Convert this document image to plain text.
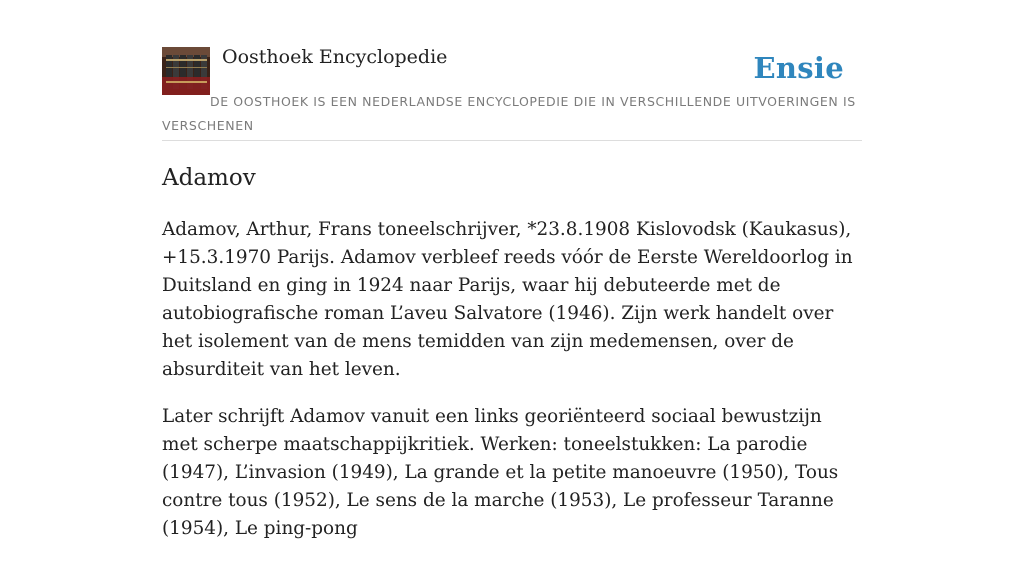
Oosthoek Encyclopedie	Ensie
DE OOSTHOEK IS EEN NEDERLANDSE ENCYCLOPEDIE DIE IN VERSCHILLENDE UITVOERINGEN IS VERSCHENEN
Adamov

Adamov, Arthur, Frans toneelschrijver, *23.8.1908 Kislovodsk (Kaukasus), +15.3.1970 Parijs. Adamov verbleef reeds vóór de Eerste Wereldoorlog in Duitsland en ging in 1924 naar Parijs, waar hij debuteerde met de autobiografische roman L’aveu Salvatore (1946). Zijn werk handelt over het isolement van de mens temidden van zijn medemensen, over de absurditeit van het leven.

Later schrijft Adamov vanuit een links georiënteerd sociaal bewustzijn met scherpe maatschappijkritiek. Werken: toneelstukken: La parodie (1947), L’invasion (1949), La grande et la petite manoeuvre (1950), Tous contre tous (1952), Le sens de la marche (1953), Le professeur Taranne (1954), Le ping-pong
